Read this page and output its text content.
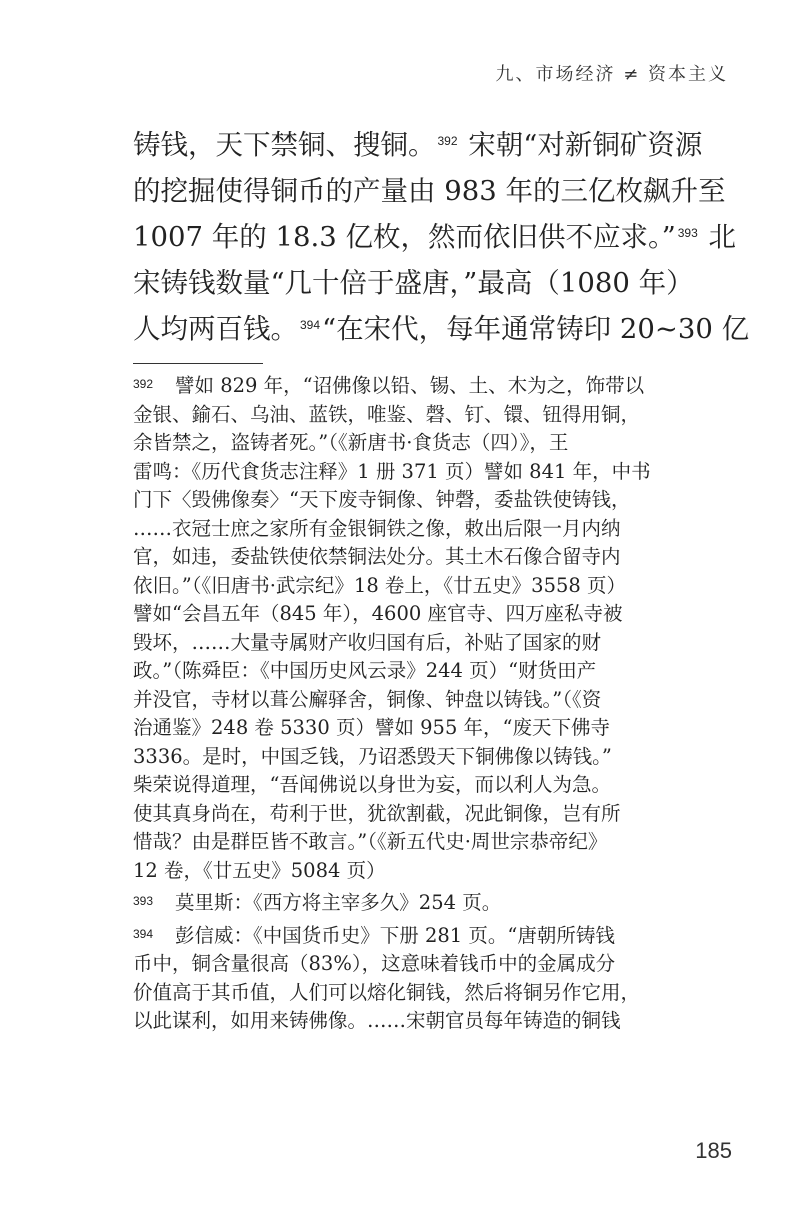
九、市场经济 ≠ 资本主义
铸钱，天下禁铜、搜铜。 $^{392}$ 宋朝“对新铜矿资源
的挖掘使得铜币的产量由 983 年的三亿枚飙升至
1007 年的 18.3 亿枚，然而依旧供不应求。” $^{393}$ 北
宋铸钱数量“几十倍于盛唐，”最高（1080 年）
人均两百钱。 $^{394}$“在宋代，每年通常铸印 20~30 亿
$^{392}$ 譬如 829 年，“诏佛像以铅、锡、土、木为之，饰带以
金银、鍮石、乌油、蓝铁，唯鉴、磬、钉、镮、钮得用铜，
余皆禁之，盗铸者死。”（《新唐书·食货志（四）》，王
雷鸣：《历代食货志注释》1 册 371 页）譬如 841 年，中书
门下〈毁佛像奏〉“天下废寺铜像、钟磬，委盐铁使铸钱，
……衣冠士庶之家所有金银铜铁之像，敕出后限一月内纳
官，如违，委盐铁使依禁铜法处分。其土木石像合留寺内
依旧。”（《旧唐书·武宗纪》18 卷上，《廿五史》3558 页）
譬如“会昌五年（845 年），4600 座官寺、四万座私寺被
毁坏，……大量寺属财产收归国有后，补贴了国家的财
政。”（陈舜臣：《中国历史风云录》244 页）“财货田产
并没官，寺材以葺公廨驿舍，铜像、钟盘以铸钱。”（《资
治通鉴》248 卷 5330 页）譬如 955 年，“废天下佛寺
3336。是时，中国乏钱，乃诏悉毁天下铜佛像以铸钱。”
柴荣说得道理，“吾闻佛说以身世为妄，而以利人为急。
使其真身尚在，苟利于世，犹欲割截，况此铜像，岂有所
惜哉？由是群臣皆不敢言。”（《新五代史·周世宗恭帝纪》
12 卷，《廿五史》5084 页）
$^{393}$ 莫里斯：《西方将主宰多久》254 页。
$^{394}$ 彭信威：《中国货币史》下册 281 页。“唐朝所铸钱
币中，铜含量很高（83%），这意味着钱币中的金属成分
价值高于其币值，人们可以熔化铜钱，然后将铜另作它用，
以此谋利，如用来铸佛像。……宋朝官员每年铸造的铜钱
185
